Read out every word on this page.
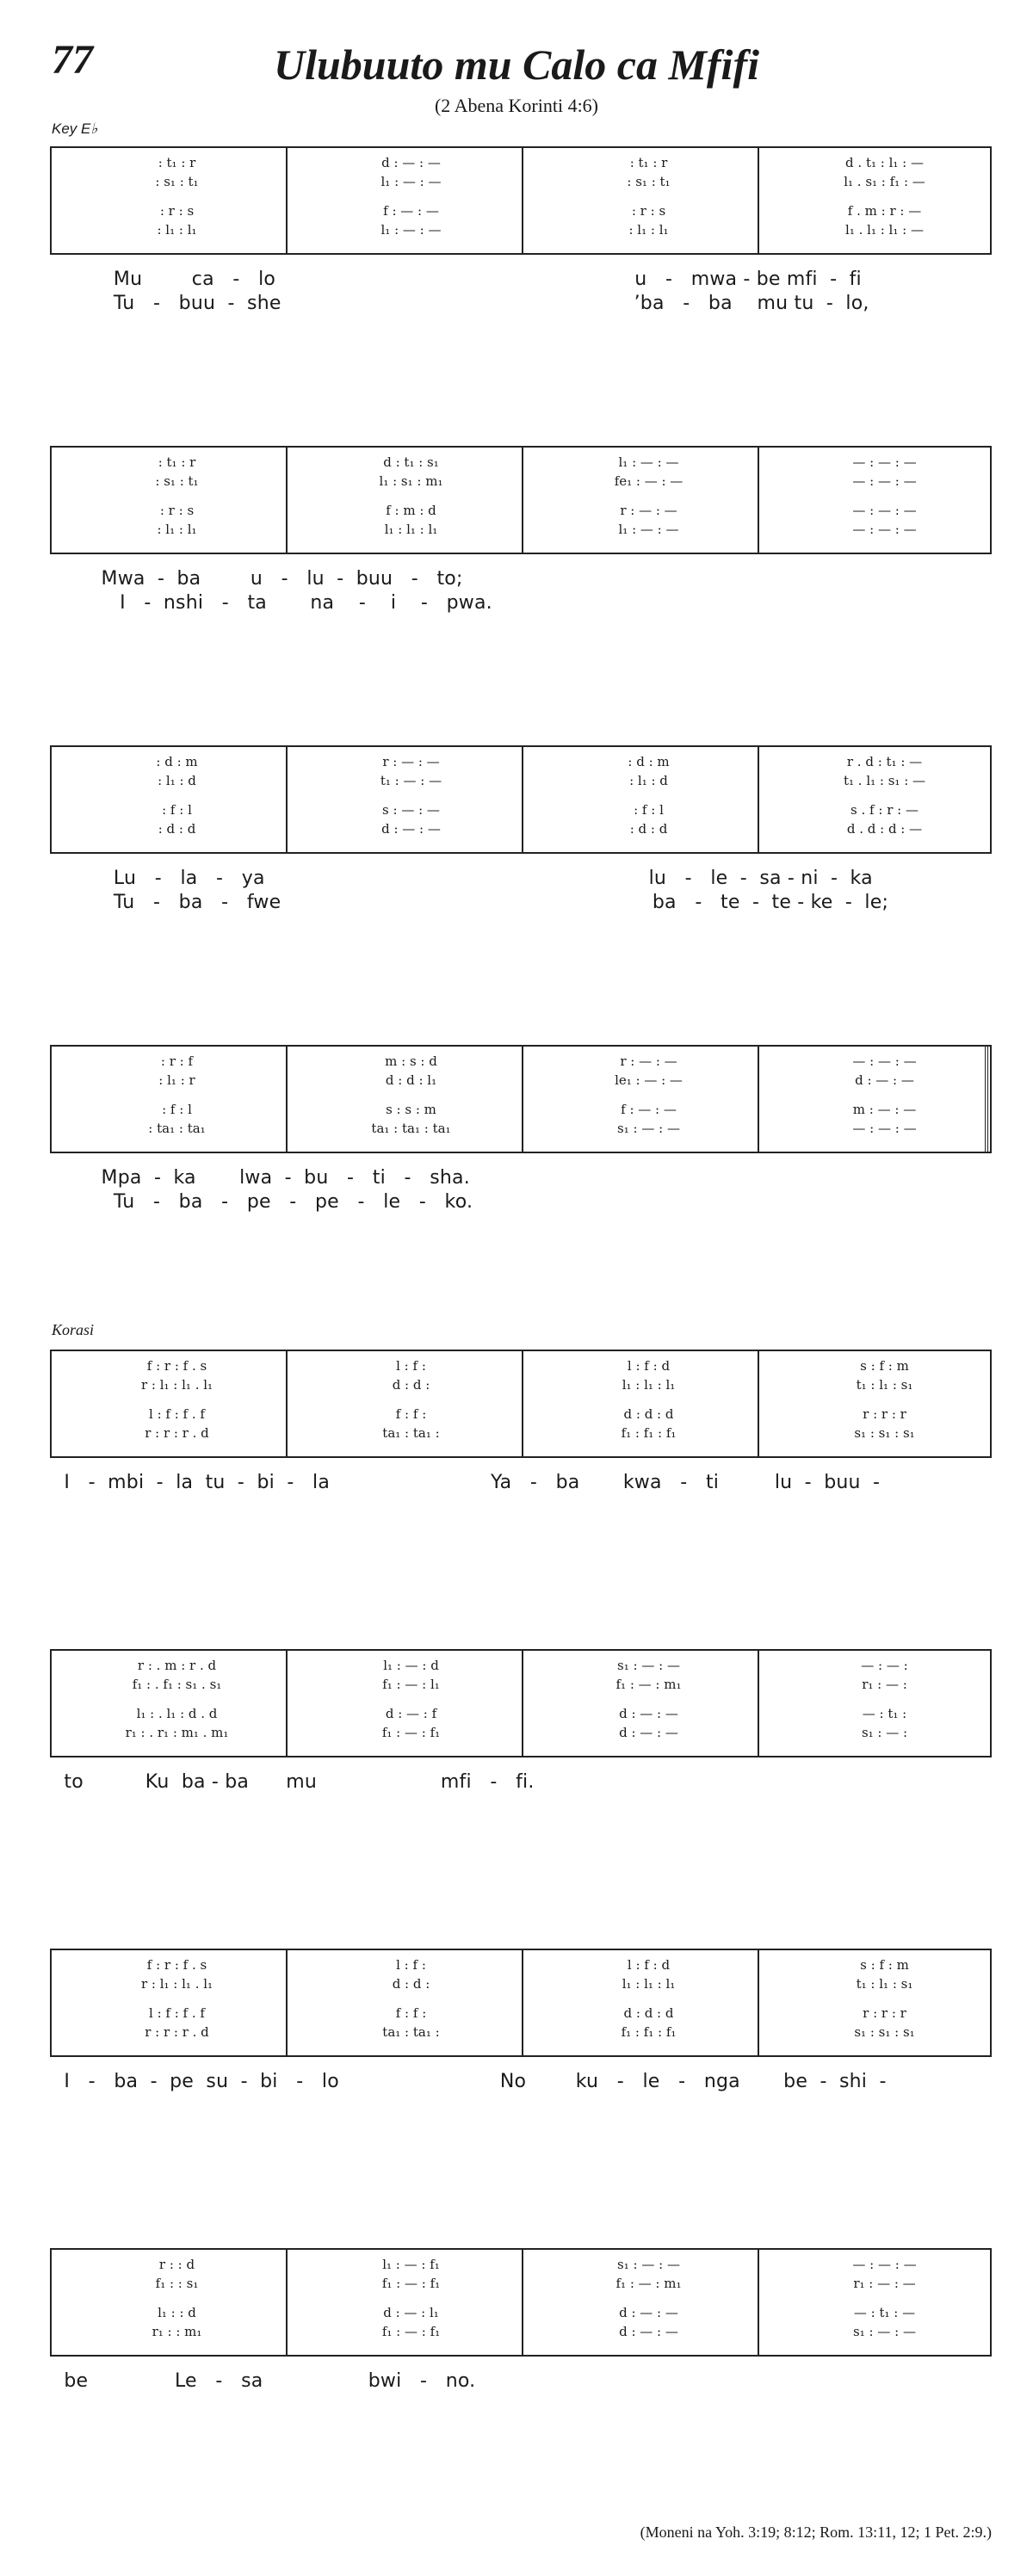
77	Ulubuuto mu Calo ca Mfifi
(2 Abena Korinti 4:6)
Key E♭
Korasi
: t₁ : r	d : — : —	: t₁ : r	d . t₁ : l₁ : —
: s₁ : t₁	l₁ : — : —	: s₁ : t₁	l₁ . s₁ : f₁ : —
: r : s	f : — : —	: r : s	f . m : r : —
: l₁ : l₁	l₁ : — : —	: l₁ : l₁	l₁ . l₁ : l₁ : —
Mu        ca   -   lo                                                          u   -   mwa - be mfi  -  fi
Tu   -   buu  -  she                                                         ’ba   -   ba    mu tu  -  lo,
: t₁ : r	d : t₁ : s₁	l₁ : — : —	— : — : —
: s₁ : t₁	l₁ : s₁ : m₁	fe₁ : — : —	— : — : —
: r : s	f : m : d	r : — : —	— : — : —
: l₁ : l₁	l₁ : l₁ : l₁	l₁ : — : —	— : — : —
Mwa  -  ba        u   -   lu  -  buu   -   to;
I   -  nshi   -   ta       na    -    i    -   pwa.
: d : m	r : — : —	: d : m	r . d : t₁ : —
: l₁ : d	t₁ : — : —	: l₁ : d	t₁ . l₁ : s₁ : —
: f : l	s : — : —	: f : l	s . f : r : —
: d : d	d : — : —	: d : d	d . d : d : —
Lu   -   la   -   ya                                                              lu   -   le  -  sa - ni  -  ka
Tu   -   ba   -   fwe                                                            ba   -   te  -  te - ke  -  le;
: r : f	m : s : d	r : — : —	— : — : —
: l₁ : r	d : d : l₁	le₁ : — : —	d : — : —
: f : l	s : s : m	f : — : —	m : — : —
: ta₁ : ta₁	ta₁ : ta₁ : ta₁	s₁ : — : —	— : — : —
Mpa  -  ka       lwa  -  bu   -   ti   -   sha.
Tu   -   ba   -   pe   -   pe   -   le   -   ko.
f : r : f . s	l : f :	l : f : d	s : f : m
r : l₁ : l₁ . l₁	d : d :	l₁ : l₁ : l₁	t₁ : l₁ : s₁
l : f : f . f	f : f :	d : d : d	r : r : r
r : r : r . d	ta₁ : ta₁ :	f₁ : f₁ : f₁	s₁ : s₁ : s₁
I   -  mbi  -  la  tu  -  bi  -   la                          Ya   -   ba       kwa   -   ti         lu  -  buu  -
r : . m : r . d	l₁ : — : d	s₁ : — : —	— : — :
f₁ : . f₁ : s₁ . s₁	f₁ : — : l₁	f₁ : — : m₁	r₁ : — :
l₁ : . l₁ : d . d	d : — : f	d : — : —	— : t₁ :
r₁ : . r₁ : m₁ . m₁	f₁ : — : f₁	d : — : —	s₁ : — :
to          Ku  ba - ba      mu                    mfi   -   fi.
f : r : f . s	l : f :	l : f : d	s : f : m
r : l₁ : l₁ . l₁	d : d :	l₁ : l₁ : l₁	t₁ : l₁ : s₁
l : f : f . f	f : f :	d : d : d	r : r : r
r : r : r . d	ta₁ : ta₁ :	f₁ : f₁ : f₁	s₁ : s₁ : s₁
I   -   ba  -  pe  su  -  bi   -   lo                          No        ku   -   le   -   nga       be  -  shi  -
r : : d	l₁ : — : f₁	s₁ : — : —	— : — : —
f₁ : : s₁	f₁ : — : f₁	f₁ : — : m₁	r₁ : — : —
l₁ : : d	d : — : l₁	d : — : —	— : t₁ : —
r₁ : : m₁	f₁ : — : f₁	d : — : —	s₁ : — : —
be              Le   -   sa                 bwi   -   no.
(Moneni na Yoh. 3:19; 8:12; Rom. 13:11, 12; 1 Pet. 2:9.)
